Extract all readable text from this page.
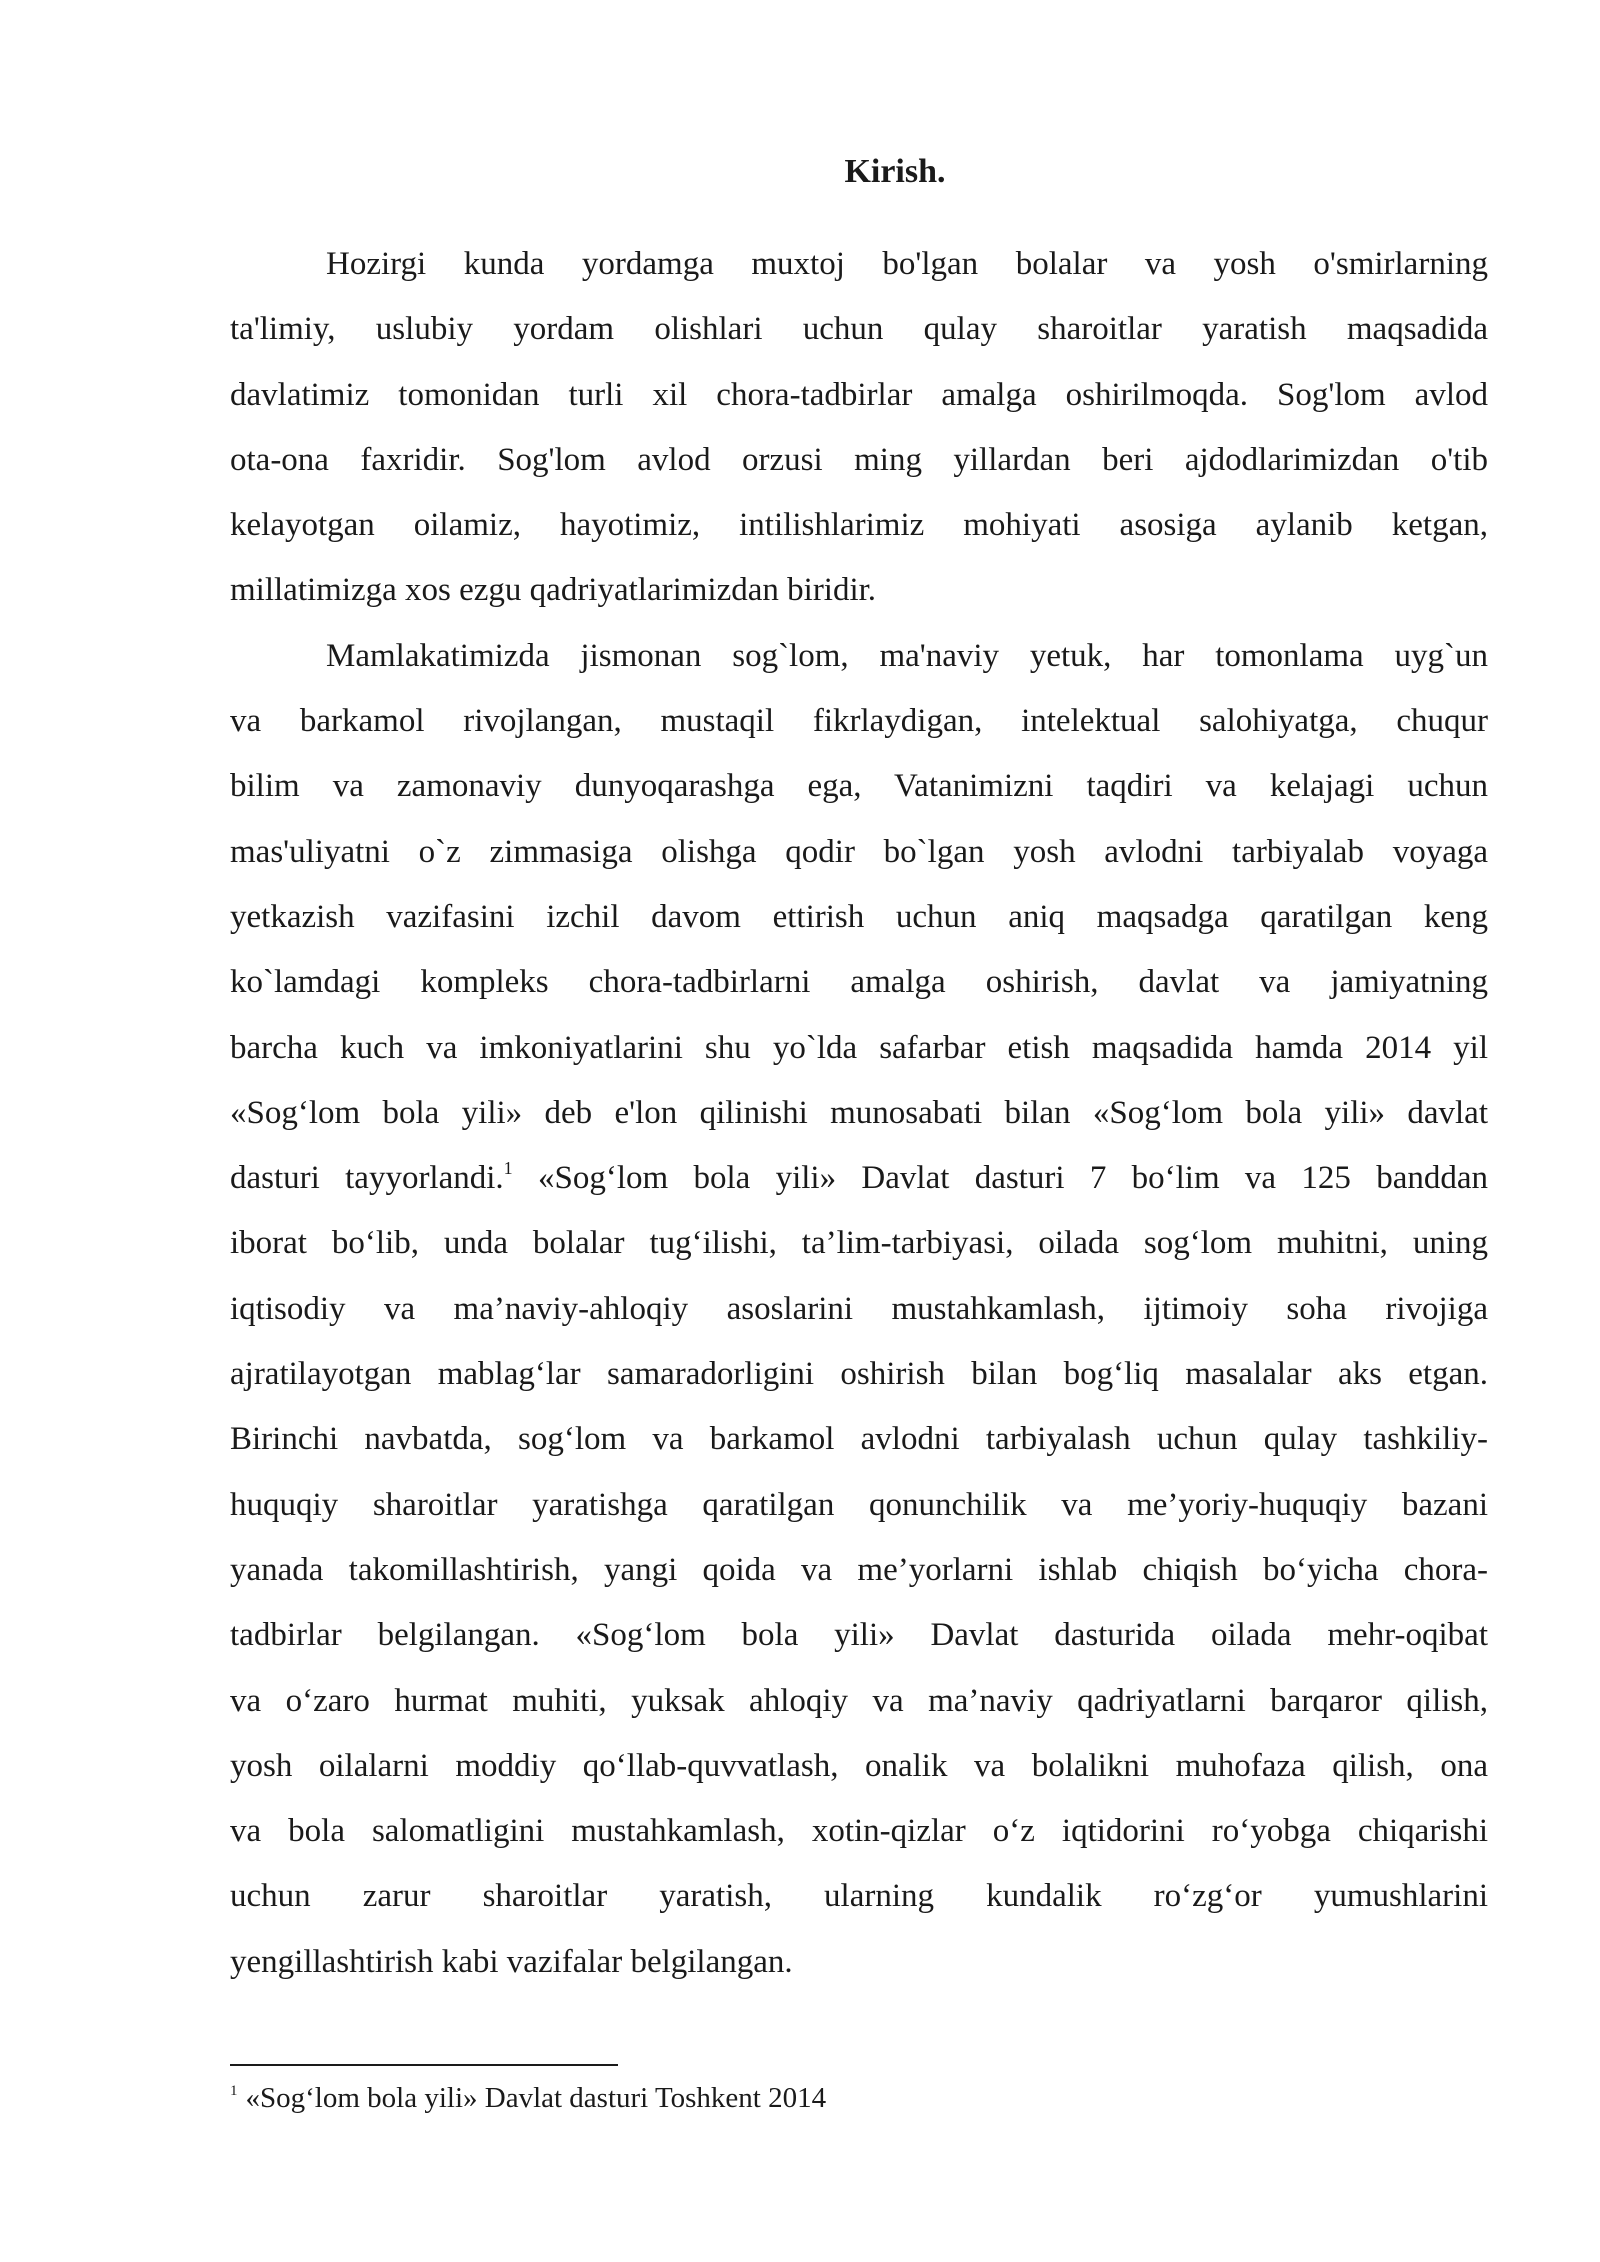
Kirish.

Hozirgi kunda yordamga muxtoj bo'lgan bolalar va yosh o'smirlarning
ta'limiy, uslubiy yordam olishlari uchun qulay sharoitlar yaratish maqsadida
davlatimiz tomonidan turli xil chora-tadbirlar amalga oshirilmoqda. Sog'lom avlod
ota-ona faxridir. Sog'lom avlod orzusi ming yillardan beri ajdodlarimizdan o'tib
kelayotgan oilamiz, hayotimiz, intilishlarimiz mohiyati asosiga aylanib ketgan,
millatimizga xos ezgu qadriyatlarimizdan biridir.

Mamlakatimizda jismonan sog`lom, ma'naviy yetuk, har tomonlama uyg`un
va barkamol rivojlangan, mustaqil fikrlaydigan, intelektual salohiyatga, chuqur
bilim va zamonaviy dunyoqarashga ega, Vatanimizni taqdiri va kelajagi uchun
mas'uliyatni o`z zimmasiga olishga qodir bo`lgan yosh avlodni tarbiyalab voyaga
yetkazish vazifasini izchil davom ettirish uchun aniq maqsadga qaratilgan keng
ko`lamdagi kompleks chora-tadbirlarni amalga oshirish, davlat va jamiyatning
barcha kuch va imkoniyatlarini shu yo`lda safarbar etish maqsadida hamda 2014 yil
«Sog‘lom bola yili» deb e'lon qilinishi munosabati bilan «Sog‘lom bola yili» davlat
dasturi tayyorlandi.$^1$ «Sog‘lom bola yili» Davlat dasturi 7 bo‘lim va 125 banddan
iborat bo‘lib, unda bolalar tug‘ilishi, ta’lim-tarbiyasi, oilada sog‘lom muhitni, uning
iqtisodiy va ma’naviy-ahloqiy asoslarini mustahkamlash, ijtimoiy soha rivojiga
ajratilayotgan mablag‘lar samaradorligini oshirish bilan bog‘liq masalalar aks etgan.
Birinchi navbatda, sog‘lom va barkamol avlodni tarbiyalash uchun qulay tashkiliy-
huquqiy sharoitlar yaratishga qaratilgan qonunchilik va me’yoriy-huquqiy bazani
yanada takomillashtirish, yangi qoida va me’yorlarni ishlab chiqish bo‘yicha chora-
tadbirlar belgilangan. «Sog‘lom bola yili» Davlat dasturida oilada mehr-oqibat
va o‘zaro hurmat muhiti, yuksak ahloqiy va ma’naviy qadriyatlarni barqaror qilish,
yosh oilalarni moddiy qo‘llab-quvvatlash, onalik va bolalikni muhofaza qilish, ona
va bola salomatligini mustahkamlash, xotin-qizlar o‘z iqtidorini ro‘yobga chiqarishi
uchun zarur sharoitlar yaratish, ularning kundalik ro‘zg‘or yumushlarini
yengillashtirish kabi vazifalar belgilangan.

$^1$ «Sog‘lom bola yili» Davlat dasturi Toshkent 2014
